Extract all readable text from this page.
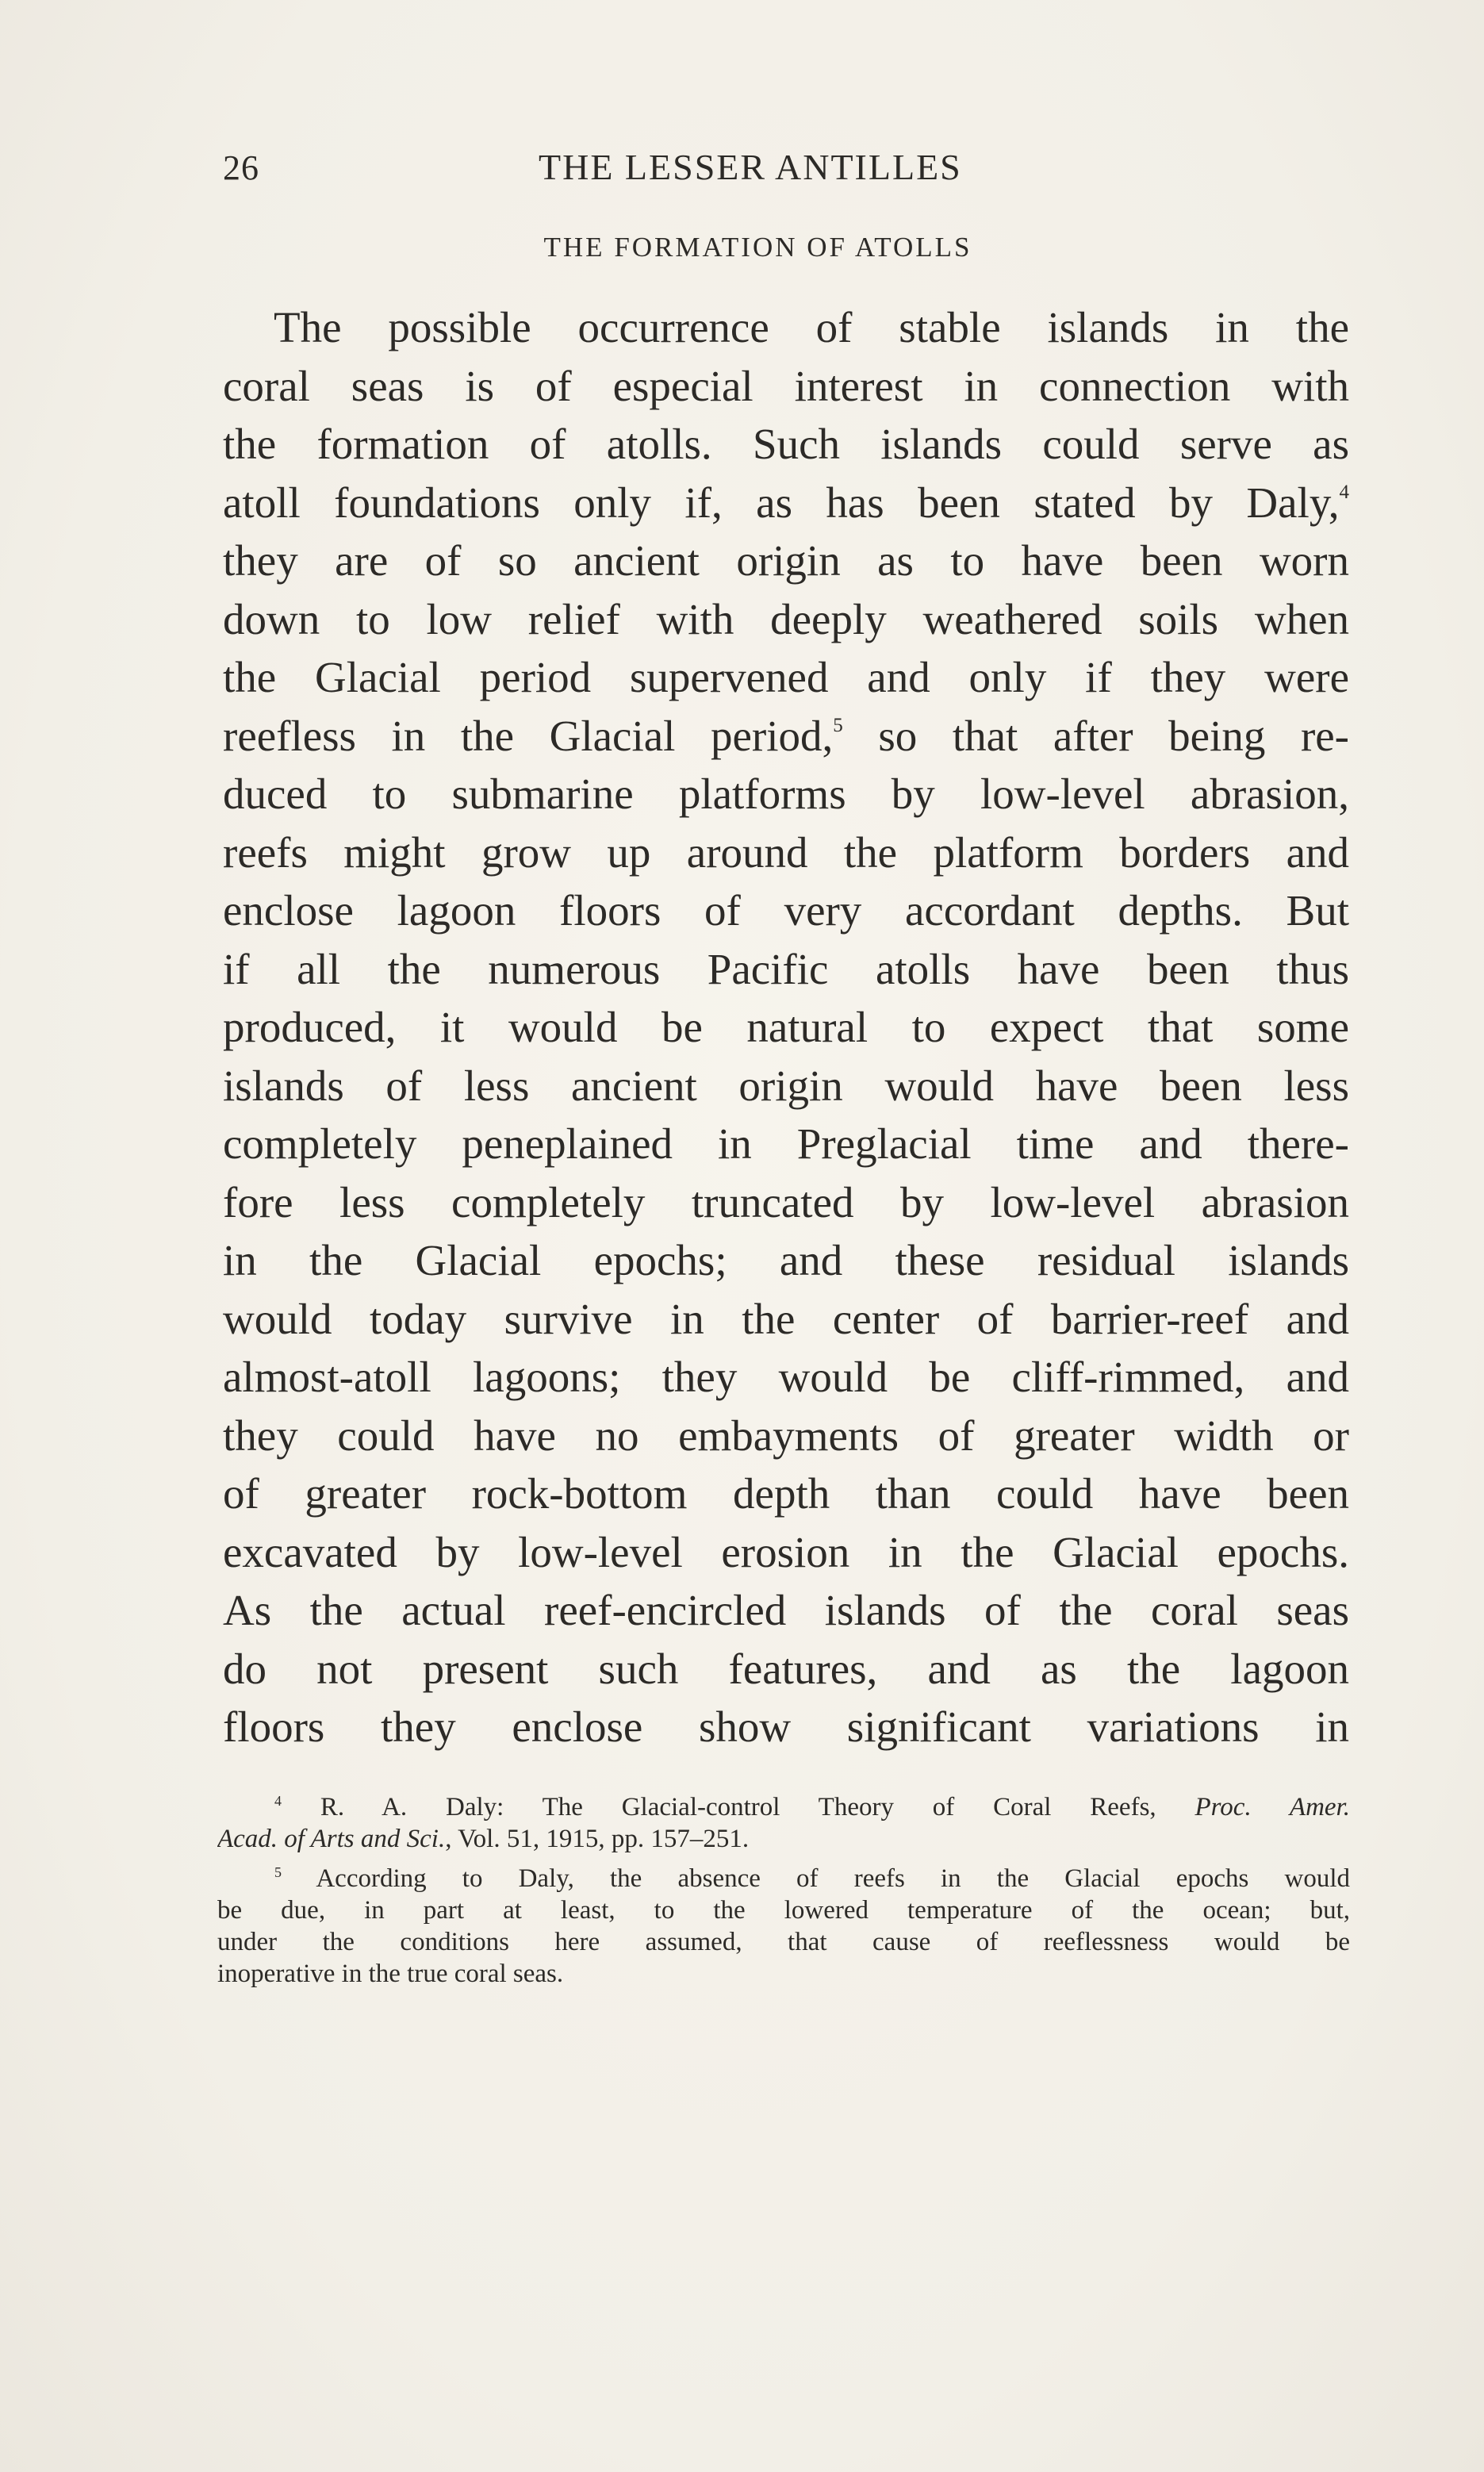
26	THE LESSER ANTILLES
THE FORMATION OF ATOLLS
The possible occurrence of stable islands in the
coral seas is of especial interest in connection with
the formation of atolls. Such islands could serve as
atoll foundations only if, as has been stated by Daly,$^4$
they are of so ancient origin as to have been worn
down to low relief with deeply weathered soils when
the Glacial period supervened and only if they were
reefless in the Glacial period,$^5$ so that after being re-
duced to submarine platforms by low-level abrasion,
reefs might grow up around the platform borders and
enclose lagoon floors of very accordant depths. But
if all the numerous Pacific atolls have been thus
produced, it would be natural to expect that some
islands of less ancient origin would have been less
completely peneplained in Preglacial time and there-
fore less completely truncated by low-level abrasion
in the Glacial epochs; and these residual islands
would today survive in the center of barrier-reef and
almost-atoll lagoons; they would be cliff-rimmed, and
they could have no embayments of greater width or
of greater rock-bottom depth than could have been
excavated by low-level erosion in the Glacial epochs.
As the actual reef-encircled islands of the coral seas
do not present such features, and as the lagoon
floors they enclose show significant variations in
$^4$ R. A. Daly: The Glacial-control Theory of Coral Reefs, Proc. Amer.
Acad. of Arts and Sci., Vol. 51, 1915, pp. 157–251.
$^5$ According to Daly, the absence of reefs in the Glacial epochs would
be due, in part at least, to the lowered temperature of the ocean; but,
under the conditions here assumed, that cause of reeflessness would be
inoperative in the true coral seas.
